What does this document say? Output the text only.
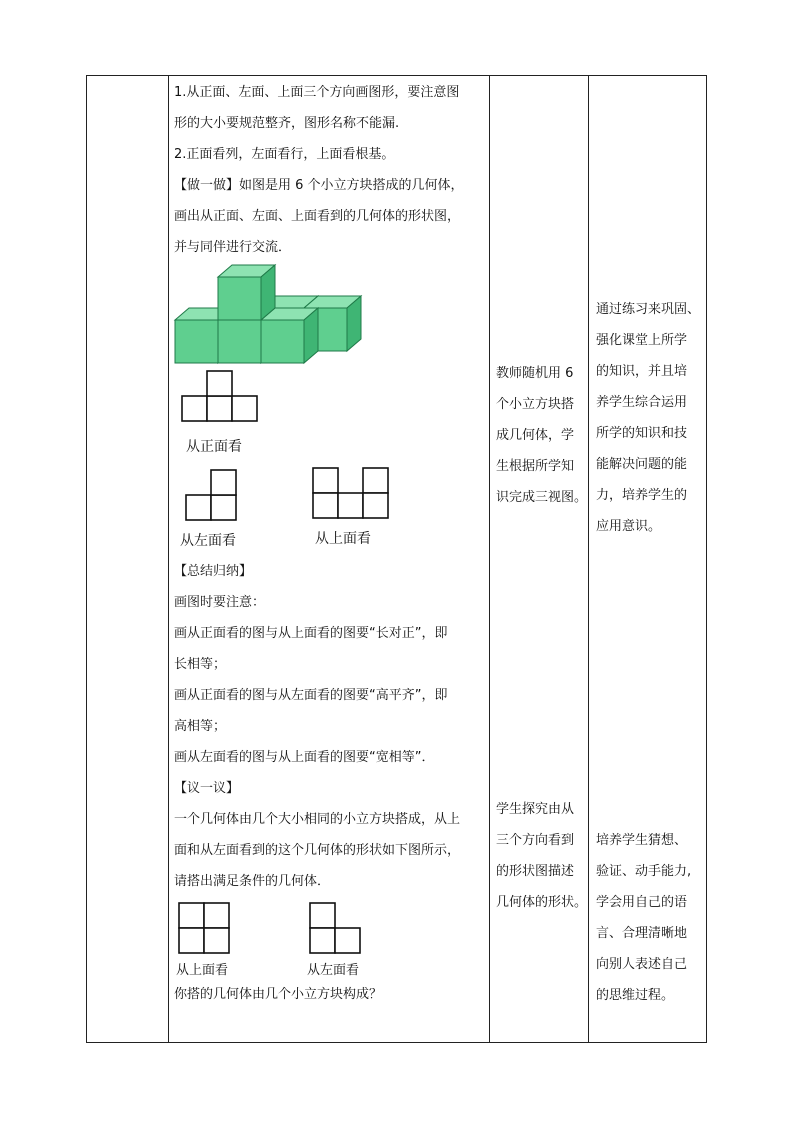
1.从正面、左面、上面三个方向画图形，要注意图
形的大小要规范整齐，图形名称不能漏.
2.正面看列，左面看行，上面看根基。
【做一做】如图是用 6 个小立方块搭成的几何体，
画出从正面、左面、上面看到的几何体的形状图，
并与同伴进行交流．
从正面看
从左面看	从上面看
【总结归纳】
画图时要注意：
画从正面看的图与从上面看的图要“长对正”，即
长相等；
画从正面看的图与从左面看的图要“高平齐”，即
高相等；
画从左面看的图与从上面看的图要“宽相等”．
【议一议】
一个几何体由几个大小相同的小立方块搭成，从上
面和从左面看到的这个几何体的形状如下图所示，
请搭出满足条件的几何体．
从上面看	从左面看
你搭的几何体由几个小立方块构成？
教师随机用 6
个小立方块搭
成几何体，学
生根据所学知
识完成三视图。
学生探究由从
三个方向看到
的形状图描述
几何体的形状。
通过练习来巩固、
强化课堂上所学
的知识，并且培
养学生综合运用
所学的知识和技
能解决问题的能
力，培养学生的
应用意识。
培养学生猜想、
验证、动手能力,
学会用自己的语
言、合理清晰地
向别人表述自己
的思维过程。
